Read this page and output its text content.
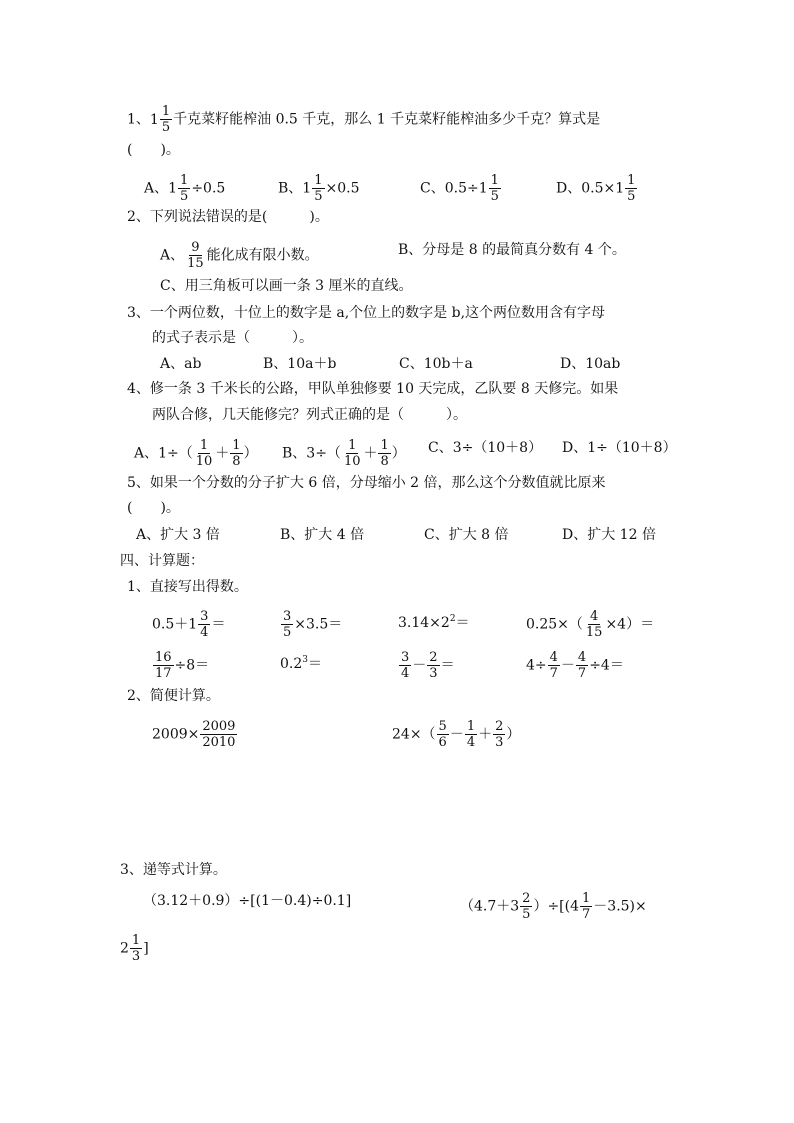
1、 $1 \frac{1}{5}$ 千克菜籽能榨油 0.5 千克，那么 1 千克菜籽能榨油多少千克？算式是
(　　)。
A、$1 \frac{1}{5} \div 0.5$	B、$1 \frac{1}{5} \times 0.5$	C、$0.5\div 1 \frac{1}{5}$	D、$0.5\times 1 \frac{1}{5}$
2、下列说法错误的是(　　　)。
A、 $\frac{9}{15}$ 能化成有限小数。	B、分母是 8 的最简真分数有 4 个。
C、用三角板可以画一条 3 厘米的直线。
3、一个两位数，十位上的数字是 a,个位上的数字是 b,这个两位数用含有字母
的式子表示是（　　　）。
A、ab	B、10a＋b	C、10b＋a	D、10ab
4、修一条 3 千米长的公路，甲队单独修要 10 天完成，乙队要 8 天修完。如果
两队合修，几天能修完？列式正确的是（　　　）。
A、$1\div( \frac{1}{10} + \frac{1}{8}$ ） B、$3\div( \frac{1}{10} + \frac{1}{8}$ ） C、3÷（10＋8） D、1÷（10＋8）
5、如果一个分数的分子扩大 6 倍，分母缩小 2 倍，那么这个分数值就比原来
(　　)。
A、扩大 3 倍	B、扩大 4 倍	C、扩大 8 倍	D、扩大 12 倍
四、计算题：
1、直接写出得数。
$0.5+1 \frac{3}{4}$ ＝	$\frac{3}{5} \times 3.5=$	$3.14\times 2^2=$	$0.25\times( \frac{4}{15} \times 4)=$
$\frac{16}{17} \div 8=$	$0.2^3=$	$\frac{3}{4} - \frac{2}{3}$ ＝	$4\div \frac{4}{7} - \frac{4}{7} \div 4=$
2、简便计算。
$2009\times \frac{2009}{2010}$	$24\times( \frac{5}{6} - \frac{1}{4} + \frac{2}{3}$ ）
3、递等式计算。
（3.12＋0.9）÷[(1－0.4)÷0.1]	$(4.7+3 \frac{2}{5} )\div[(4 \frac{1}{7} -3.5)\times$
$2 \frac{1}{3}$ ]
